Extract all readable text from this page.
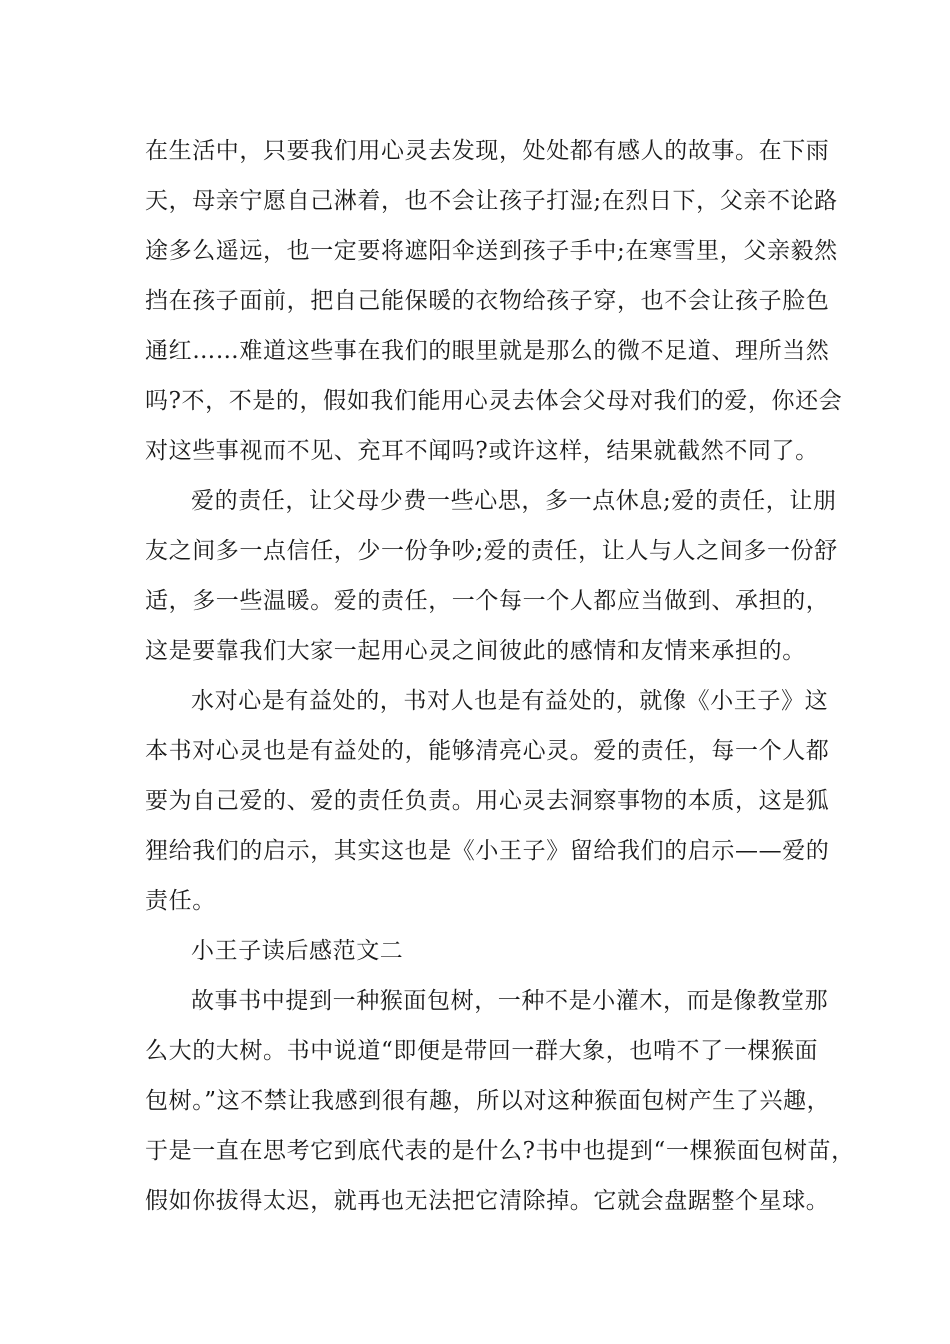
在生活中，只要我们用心灵去发现，处处都有感人的故事。在下雨
天，母亲宁愿自己淋着，也不会让孩子打湿;在烈日下，父亲不论路
途多么遥远，也一定要将遮阳伞送到孩子手中;在寒雪里，父亲毅然
挡在孩子面前，把自己能保暖的衣物给孩子穿，也不会让孩子脸色
通红……难道这些事在我们的眼里就是那么的微不足道、理所当然
吗?不，不是的，假如我们能用心灵去体会父母对我们的爱，你还会
对这些事视而不见、充耳不闻吗?或许这样，结果就截然不同了。
爱的责任，让父母少费一些心思，多一点休息;爱的责任，让朋
友之间多一点信任，少一份争吵;爱的责任，让人与人之间多一份舒
适，多一些温暖。爱的责任，一个每一个人都应当做到、承担的，
这是要靠我们大家一起用心灵之间彼此的感情和友情来承担的。
水对心是有益处的，书对人也是有益处的，就像《小王子》这
本书对心灵也是有益处的，能够清亮心灵。爱的责任，每一个人都
要为自己爱的、爱的责任负责。用心灵去洞察事物的本质，这是狐
狸给我们的启示，其实这也是《小王子》留给我们的启示——爱的
责任。
小王子读后感范文二
故事书中提到一种猴面包树，一种不是小灌木，而是像教堂那
么大的大树。书中说道“即便是带回一群大象，也啃不了一棵猴面
包树。”这不禁让我感到很有趣，所以对这种猴面包树产生了兴趣，
于是一直在思考它到底代表的是什么?书中也提到“一棵猴面包树苗，
假如你拔得太迟，就再也无法把它清除掉。它就会盘踞整个星球。
